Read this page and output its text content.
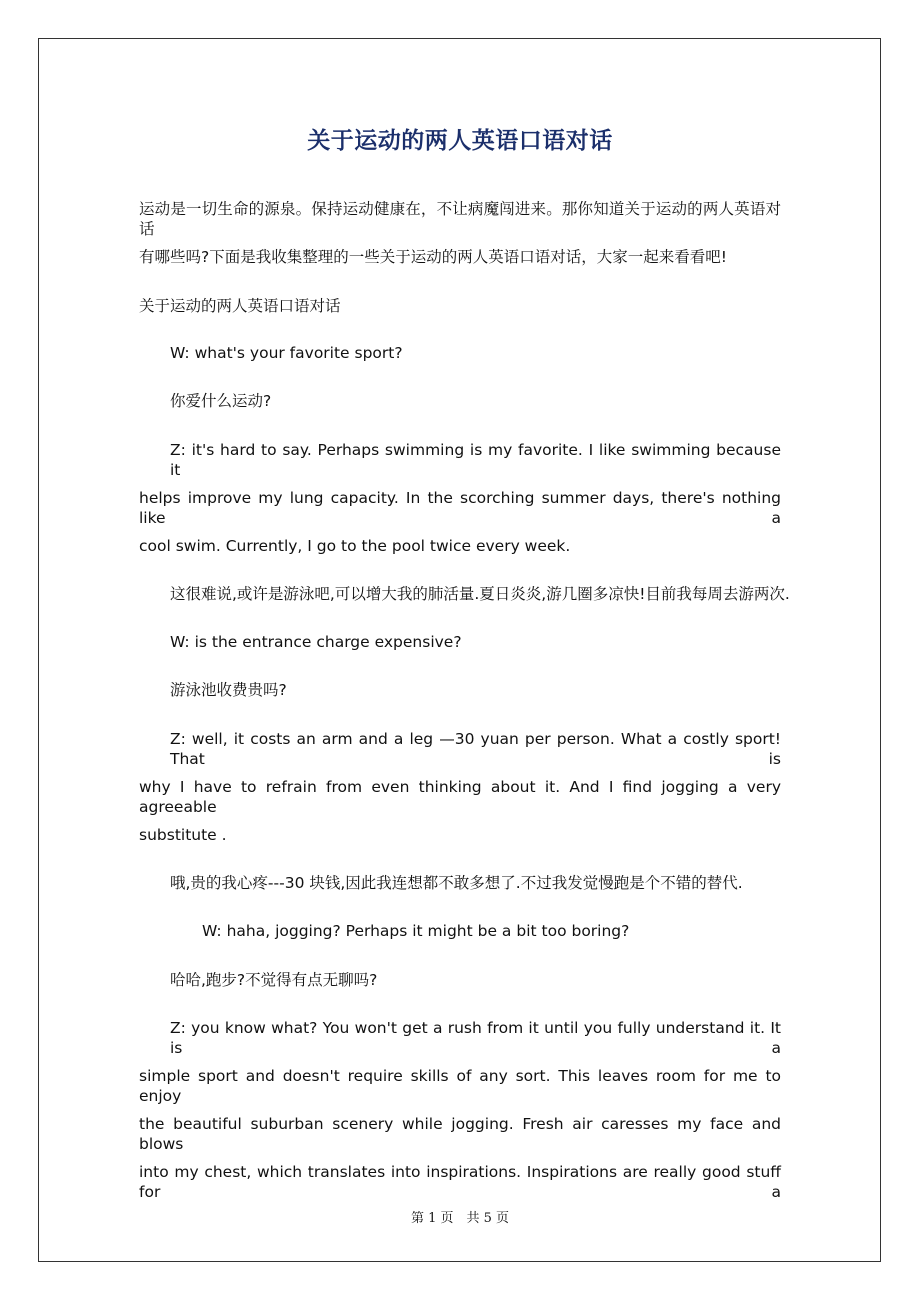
关于运动的两人英语口语对话
运动是一切生命的源泉。保持运动健康在，不让病魔闯进来。那你知道关于运动的两人英语对话
有哪些吗?下面是我收集整理的一些关于运动的两人英语口语对话，大家一起来看看吧!
关于运动的两人英语口语对话
W: what's your favorite sport?
你爱什么运动?
Z: it's hard to say. Perhaps swimming is my favorite. I like swimming because it
helps improve my lung capacity. In the scorching summer days, there's nothing like a
cool swim. Currently, I go to the pool twice every week.
这很难说,或许是游泳吧,可以增大我的肺活量.夏日炎炎,游几圈多凉快!目前我每周去游两次.
W: is the entrance charge expensive?
游泳池收费贵吗?
Z: well, it costs an arm and a leg —30 yuan per person. What a costly sport! That is
why I have to refrain from even thinking about it. And I find jogging a very agreeable
substitute .
哦,贵的我心疼---30 块钱,因此我连想都不敢多想了.不过我发觉慢跑是个不错的替代.
W: haha, jogging? Perhaps it might be a bit too boring?
哈哈,跑步?不觉得有点无聊吗?
Z: you know what? You won't get a rush from it until you fully understand it. It is a
simple sport and doesn't require skills of any sort. This leaves room for me to enjoy
the beautiful suburban scenery while jogging. Fresh air caresses my face and blows
into my chest, which translates into inspirations. Inspirations are really good stuff for a
第 1 页　共 5 页
